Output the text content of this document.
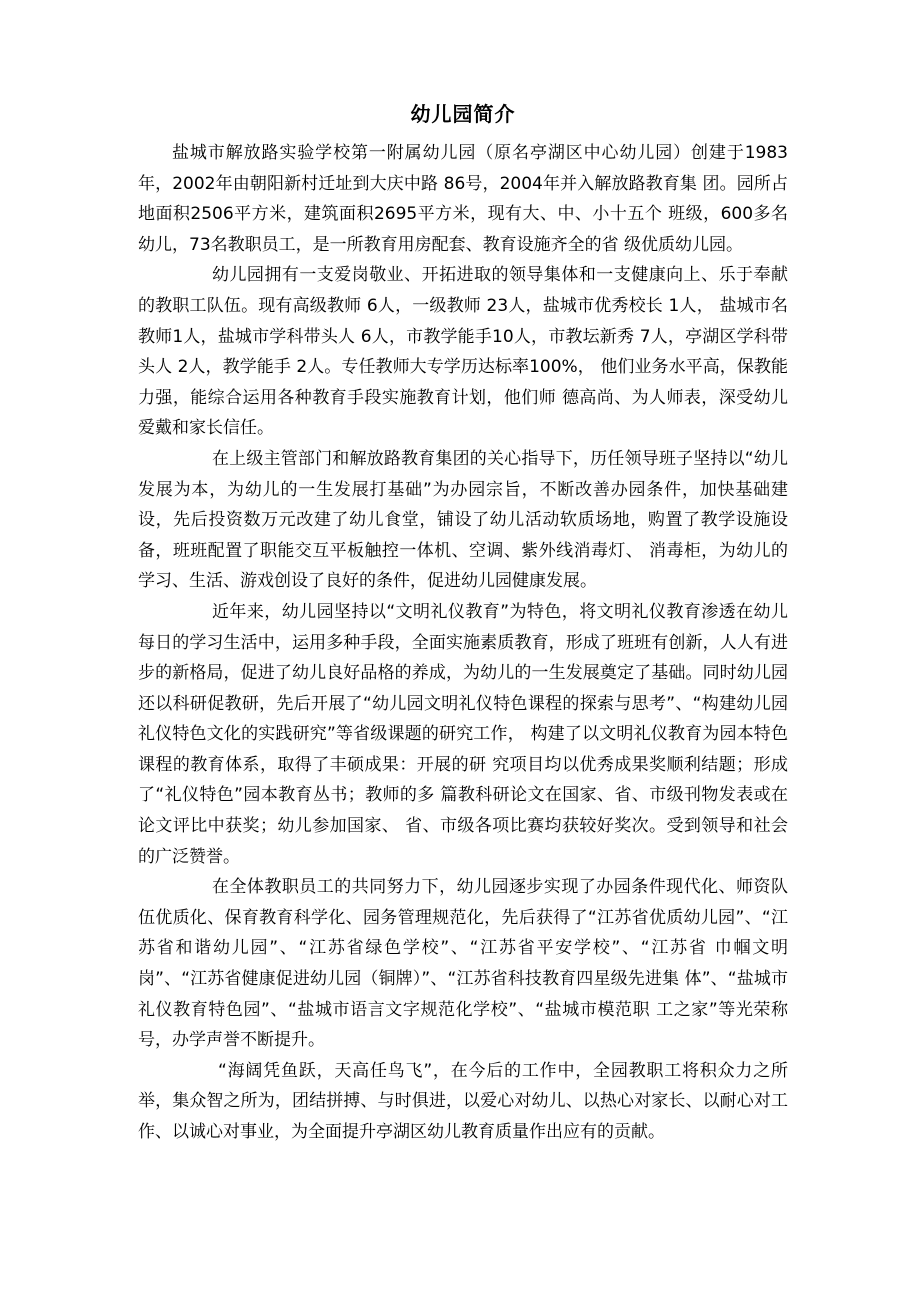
幼儿园简介

盐城市解放路实验学校第一附属幼儿园（原名亭湖区中心幼儿园）创建于1983年，2002年由朝阳新村迁址到大庆中路 86号，2004年并入解放路教育集 团。园所占地面积2506平方米，建筑面积2695平方米，现有大、中、小十五个 班级，600多名幼儿，73名教职员工，是一所教育用房配套、教育设施齐全的省 级优质幼儿园。

幼儿园拥有一支爱岗敬业、开拓进取的领导集体和一支健康向上、乐于奉献的教职工队伍。现有高级教师 6人，一级教师 23人，盐城市优秀校长 1人， 盐城市名教师1人，盐城市学科带头人 6人，市教学能手10人，市教坛新秀 7人，亭湖区学科带头人 2人，教学能手 2人。专任教师大专学历达标率100%， 他们业务水平高，保教能力强，能综合运用各种教育手段实施教育计划，他们师 德高尚、为人师表，深受幼儿爱戴和家长信任。

在上级主管部门和解放路教育集团的关心指导下，历任领导班子坚持以“幼儿发展为本，为幼儿的一生发展打基础”为办园宗旨，不断改善办园条件，加快基础建设，先后投资数万元改建了幼儿食堂，铺设了幼儿活动软质场地，购置了教学设施设备，班班配置了职能交互平板触控一体机、空调、紫外线消毒灯、 消毒柜，为幼儿的学习、生活、游戏创设了良好的条件，促进幼儿园健康发展。

近年来，幼儿园坚持以“文明礼仪教育”为特色，将文明礼仪教育渗透在幼儿每日的学习生活中，运用多种手段，全面实施素质教育，形成了班班有创新，人人有进步的新格局，促进了幼儿良好品格的养成，为幼儿的一生发展奠定了基础。同时幼儿园还以科研促教研，先后开展了“幼儿园文明礼仪特色课程的探索与思考”、“构建幼儿园礼仪特色文化的实践研究”等省级课题的研究工作， 构建了以文明礼仪教育为园本特色课程的教育体系，取得了丰硕成果：开展的研 究项目均以优秀成果奖顺利结题；形成了“礼仪特色”园本教育丛书；教师的多 篇教科研论文在国家、省、市级刊物发表或在论文评比中获奖；幼儿参加国家、 省、市级各项比赛均获较好奖次。受到领导和社会的广泛赞誉。

在全体教职员工的共同努力下，幼儿园逐步实现了办园条件现代化、师资队伍优质化、保育教育科学化、园务管理规范化，先后获得了“江苏省优质幼儿园”、“江苏省和谐幼儿园”、“江苏省绿色学校”、“江苏省平安学校”、“江苏省 巾帼文明岗”、“江苏省健康促进幼儿园（铜牌）”、“江苏省科技教育四星级先进集 体”、“盐城市礼仪教育特色园”、“盐城市语言文字规范化学校”、“盐城市模范职 工之家”等光荣称号，办学声誉不断提升。

“海阔凭鱼跃，天高任鸟飞”，在今后的工作中，全园教职工将积众力之所举，集众智之所为，团结拼搏、与时俱进，以爱心对幼儿、以热心对家长、以耐心对工作、以诚心对事业，为全面提升亭湖区幼儿教育质量作出应有的贡献。
